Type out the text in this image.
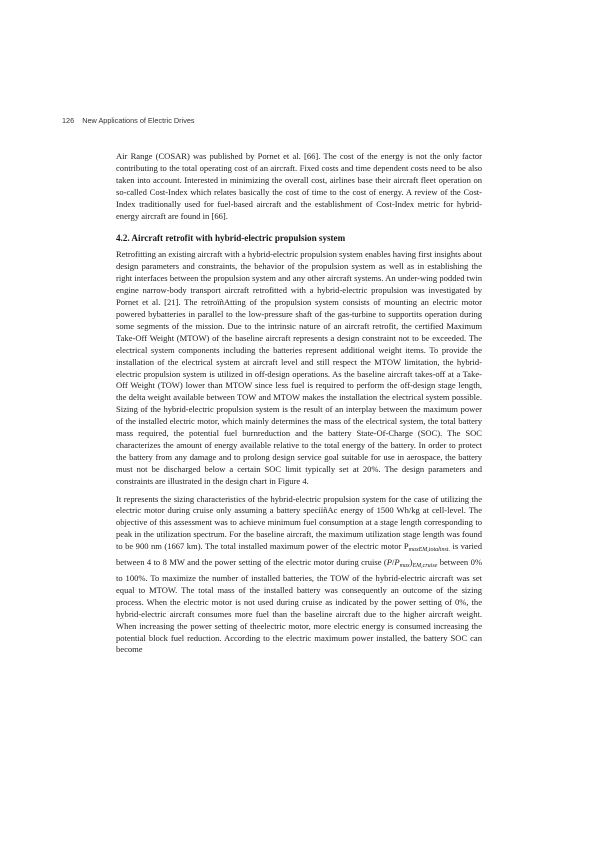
126 New Applications of Electric Drives

Air Range (COSAR) was published by Pornet et al. [66]. The cost of the energy is not the only factor contributing to the total operating cost of an aircraft. Fixed costs and time dependent costs need to be also taken into account. Interested in minimizing the overall cost, airlines base their aircraft fleet operation on so-called Cost-Index which relates basically the cost of time to the cost of energy. A review of the Cost-Index traditionally used for fuel-based aircraft and the establishment of Cost-Index metric for hybrid-energy aircraft are found in [66].

4.2. Aircraft retrofit with hybrid-electric propulsion system

Retrofitting an existing aircraft with a hybrid-electric propulsion system enables having first insights about design parameters and constraints, the behavior of the propulsion system as well as in establishing the right interfaces between the propulsion system and any other aircraft systems. An under-wing podded twin engine narrow-body transport aircraft retrofitted with a hybrid-electric propulsion was investigated by Pornet et al. [21]. The retroïñAtting of the propulsion system consists of mounting an electric motor powered bybatteries in parallel to the low-pressure shaft of the gas-turbine to supportits operation during some segments of the mission. Due to the intrinsic nature of an aircraft retrofit, the certified Maximum Take-Off Weight (MTOW) of the baseline aircraft represents a design constraint not to be exceeded. The electrical system components including the batteries represent additional weight items. To provide the installation of the electrical system at aircraft level and still respect the MTOW limitation, the hybrid-electric propulsion system is utilized in off-design operations. As the baseline aircraft takes-off at a Take-Off Weight (TOW) lower than MTOW since less fuel is required to perform the off-design stage length, the delta weight available between TOW and MTOW makes the installation the electrical system possible. Sizing of the hybrid-electric propulsion system is the result of an interplay between the maximum power of the installed electric motor, which mainly determines the mass of the electrical system, the total battery mass required, the potential fuel burnreduction and the battery State-Of-Charge (SOC). The SOC characterizes the amount of energy available relative to the total energy of the battery. In order to protect the battery from any damage and to prolong design service goal suitable for use in aerospace, the battery must not be discharged below a certain SOC limit typically set at 20%. The design parameters and constraints are illustrated in the design chart in Figure 4.

It represents the sizing characteristics of the hybrid-electric propulsion system for the case of utilizing the electric motor during cruise only assuming a battery speciïñAc energy of 1500 Wh/kg at cell-level. The objective of this assessment was to achieve minimum fuel consumption at a stage length corresponding to peak in the utilization spectrum. For the baseline aircraft, the maximum utilization stage length was found to be 900 nm (1667 km). The total installed maximum power of the electric motor $P_{maxEM,totalinst.}$ is varied between 4 to 8 MW and the power setting of the electric motor during cruise $(P/P_{max})_{EM,cruise}$ between 0% to 100%. To maximize the number of installed batteries, the TOW of the hybrid-electric aircraft was set equal to MTOW. The total mass of the installed battery was consequently an outcome of the sizing process. When the electric motor is not used during cruise as indicated by the power setting of 0%, the hybrid-electric aircraft consumes more fuel than the baseline aircraft due to the higher aircraft weight. When increasing the power setting of theelectric motor, more electric energy is consumed increasing the potential block fuel reduction. According to the electric maximum power installed, the battery SOC can become
